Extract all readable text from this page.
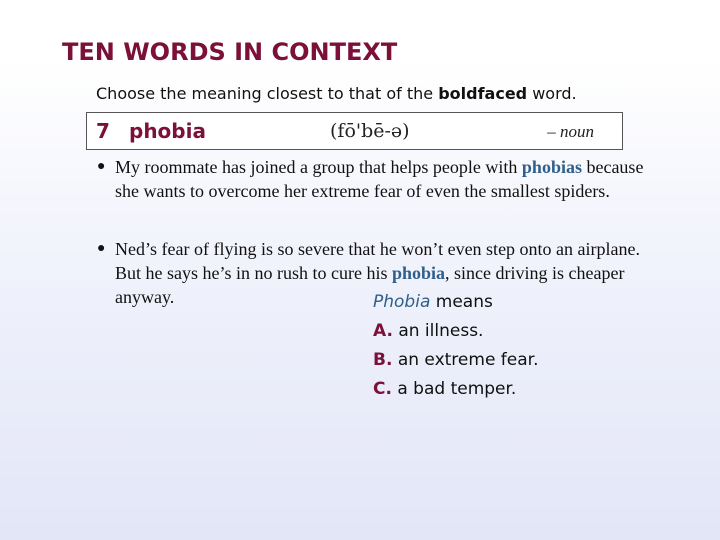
TEN WORDS IN CONTEXT
Choose the meaning closest to that of the boldfaced word.
7 phobia	(fō'bē-ə)	– noun
● My roommate has joined a group that helps people with phobias because she wants to overcome her extreme fear of even the smallest spiders.
● Ned’s fear of flying is so severe that he won’t even step onto an airplane. But he says he’s in no rush to cure his phobia, since driving is cheaper anyway.	Phobia means
A. an illness.
B. an extreme fear.
C. a bad temper.
